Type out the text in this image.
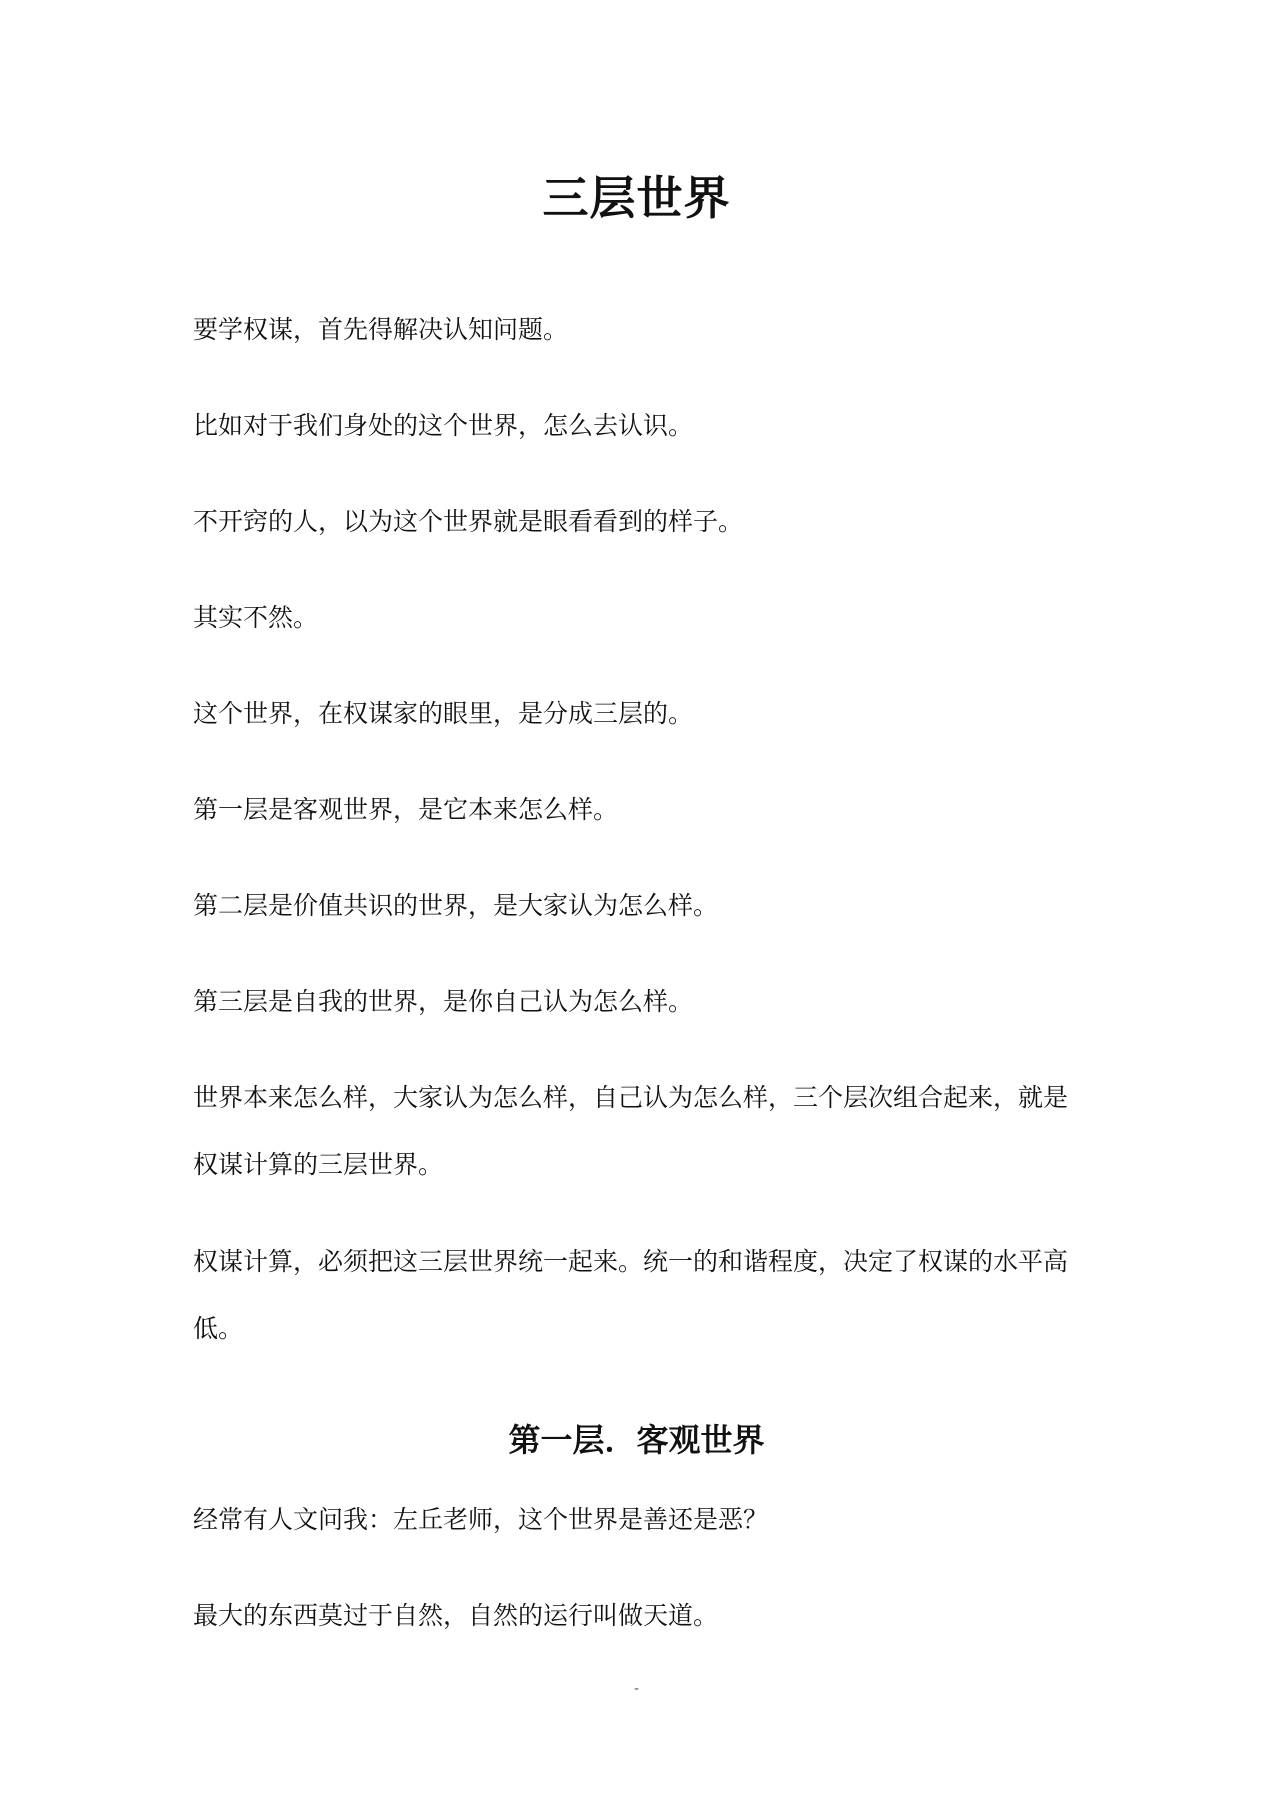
三层世界

要学权谋，首先得解决认知问题。

比如对于我们身处的这个世界，怎么去认识。

不开窍的人，以为这个世界就是眼看看到的样子。

其实不然。

这个世界，在权谋家的眼里，是分成三层的。

第一层是客观世界，是它本来怎么样。

第二层是价值共识的世界，是大家认为怎么样。

第三层是自我的世界，是你自己认为怎么样。

世界本来怎么样，大家认为怎么样，自己认为怎么样，三个层次组合起来，就是权谋计算的三层世界。

权谋计算，必须把这三层世界统一起来。统一的和谐程度，决定了权谋的水平高低。

第一层．客观世界

经常有人文问我：左丘老师，这个世界是善还是恶？

最大的东西莫过于自然，自然的运行叫做天道。

-
